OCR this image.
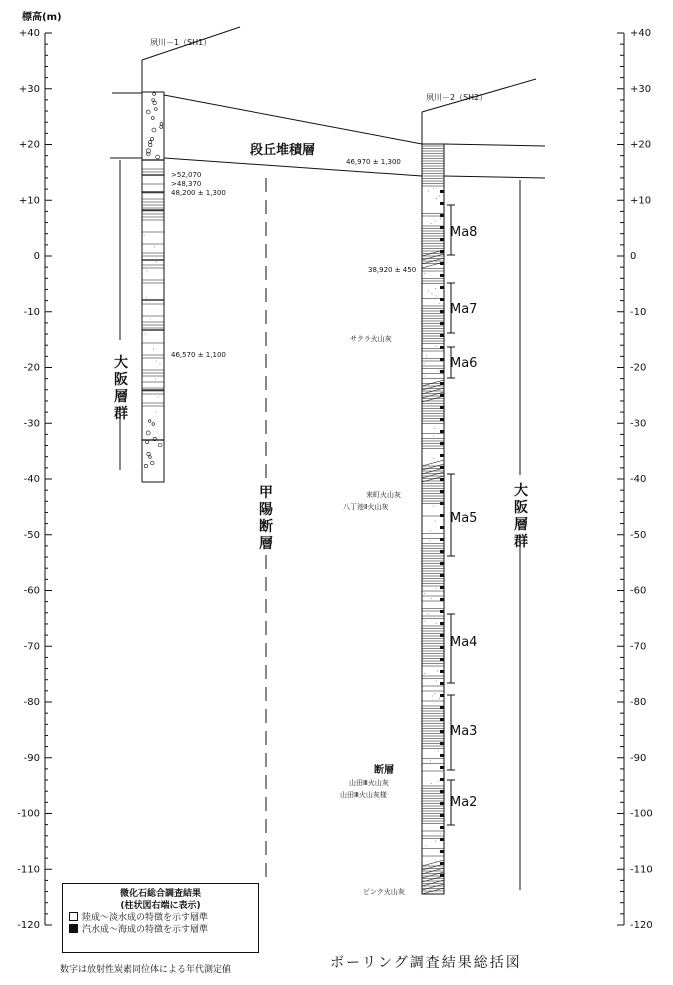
標高(m)
+40
+30
+20
+10
0
-10
-20
-30
-40
-50
-60
-70
-80
-90
-100
-110
-120
+40
+30
+20
+10
0
-10
-20
-30
-40
-50
-60
-70
-80
-90
-100
-110
-120
夙川－1（SH1）
夙川－2（SH2）
段丘堆積層
>52,070
>48,370
48,200 ± 1,300
46,570 ± 1,100
46,970 ± 1,300
38,920 ± 450
サクラ火山灰
来町火山灰
八丁池Ⅱ火山灰
山田Ⅲ火山灰
山田Ⅲ火山灰様
ピンク火山灰
断層
Ma8
Ma7
Ma6
Ma5
Ma4
Ma3
Ma2
大
阪
層
群
大
阪
層
群
甲
陽
断
層
微化石総合調査結果
(柱状図右端に表示)
陸成～淡水成の特徴を示す層準
汽水成～海成の特徴を示す層準
数字は放射性炭素同位体による年代測定値	ボーリング調査結果総括図
